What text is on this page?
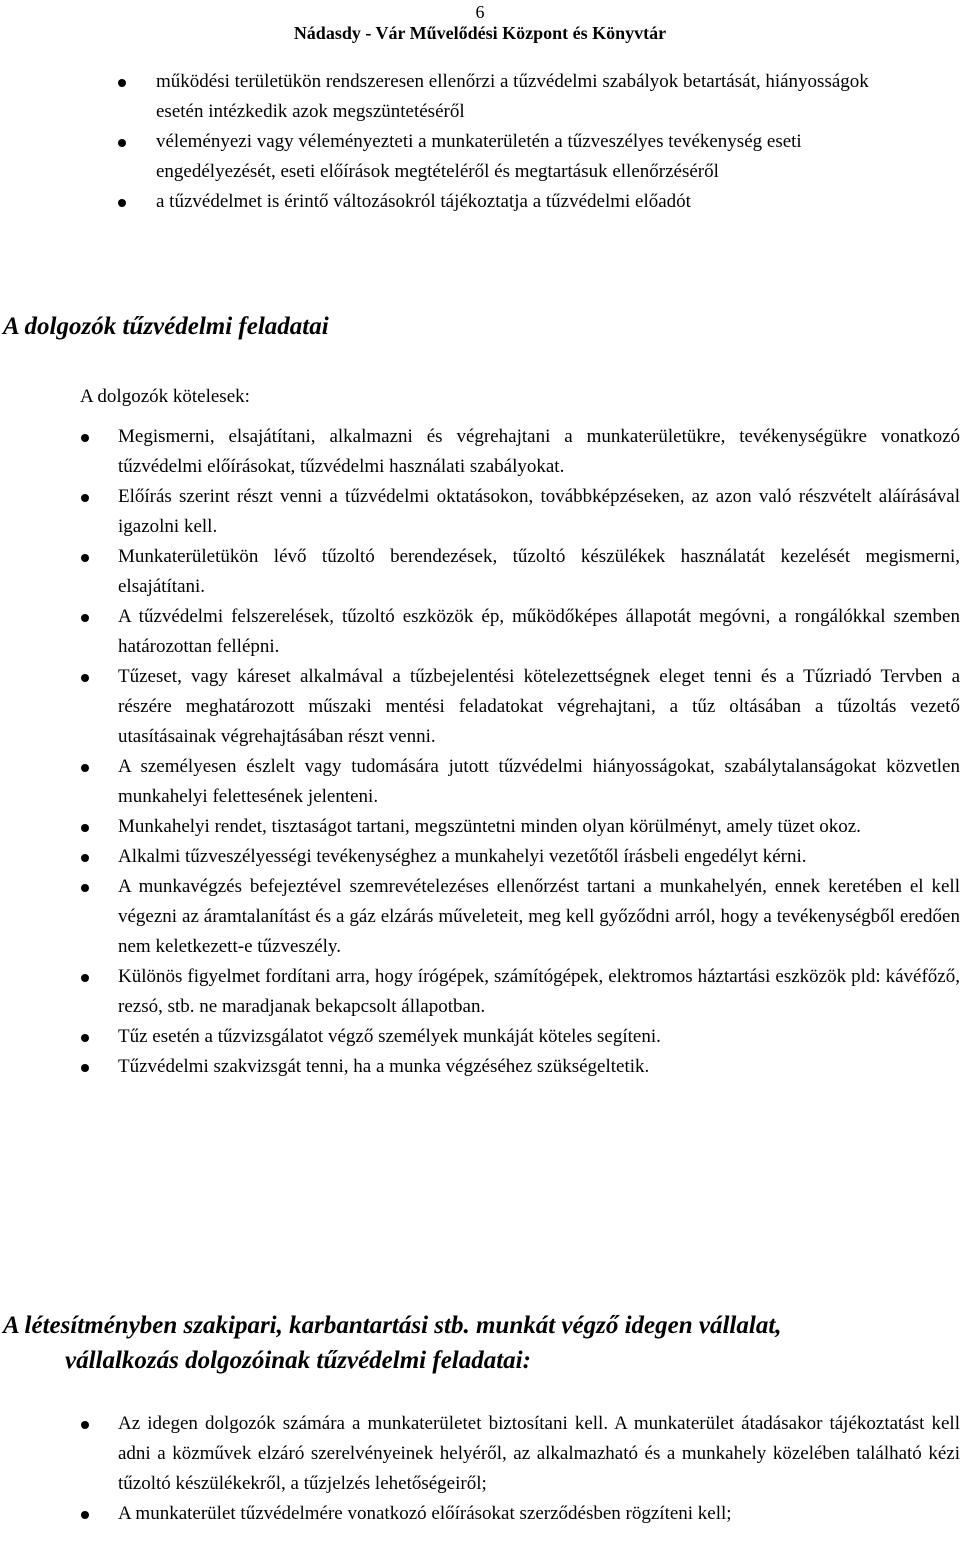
6
Nádasdy - Vár Művelődési Központ és Könyvtár
működési területükön rendszeresen ellenőrzi a tűzvédelmi szabályok betartását, hiányosságok esetén intézkedik azok megszüntetéséről
véleményezi vagy véleményezteti a munkaterületén a tűzveszélyes tevékenység eseti engedélyezését, eseti előírások megtételéről és megtartásuk ellenőrzéséről
a tűzvédelmet is érintő változásokról tájékoztatja a tűzvédelmi előadót
A dolgozók tűzvédelmi feladatai
A dolgozók kötelesek:
Megismerni, elsajátítani, alkalmazni és végrehajtani a munkaterületükre, tevékenységükre vonatkozó tűzvédelmi előírásokat, tűzvédelmi használati szabályokat.
Előírás szerint részt venni a tűzvédelmi oktatásokon, továbbképzéseken, az azon való részvételt aláírásával igazolni kell.
Munkaterületükön lévő tűzoltó berendezések, tűzoltó készülékek használatát kezelését megismerni, elsajátítani.
A tűzvédelmi felszerelések, tűzoltó eszközök ép, működőképes állapotát megóvni, a rongálókkal szemben határozottan fellépni.
Tűzeset, vagy káreset alkalmával a tűzbejelentési kötelezettségnek eleget tenni és a Tűzriadó Tervben a részére meghatározott műszaki mentési feladatokat végrehajtani, a tűz oltásában a tűzoltás vezető utasításainak végrehajtásában részt venni.
A személyesen észlelt vagy tudomására jutott tűzvédelmi hiányosságokat, szabálytalanságokat közvetlen munkahelyi felettesének jelenteni.
Munkahelyi rendet, tisztaságot tartani, megszüntetni minden olyan körülményt, amely tüzet okoz.
Alkalmi tűzveszélyességi tevékenységhez a munkahelyi vezetőtől írásbeli engedélyt kérni.
A munkavégzés befejeztével szemrevételezéses ellenőrzést tartani a munkahelyén, ennek keretében el kell végezni az áramtalanítást és a gáz elzárás műveleteit, meg kell győződni arról, hogy a tevékenységből eredően nem keletkezett-e tűzveszély.
Különös figyelmet fordítani arra, hogy írógépek, számítógépek, elektromos háztartási eszközök pld: kávéfőző, rezsó, stb. ne maradjanak bekapcsolt állapotban.
Tűz esetén a tűzvizsgálatot végző személyek munkáját köteles segíteni.
Tűzvédelmi szakvizsgát tenni, ha a munka végzéséhez szükségeltetik.
A létesítményben szakipari, karbantartási stb. munkát végző idegen vállalat,
vállalkozás dolgozóinak tűzvédelmi feladatai:
Az idegen dolgozók számára a munkaterületet biztosítani kell. A munkaterület átadásakor tájékoztatást kell adni a közművek elzáró szerelvényeinek helyéről, az alkalmazható és a munkahely közelében található kézi tűzoltó készülékekről, a tűzjelzés lehetőségeiről;
A munkaterület tűzvédelmére vonatkozó előírásokat szerződésben rögzíteni kell;
